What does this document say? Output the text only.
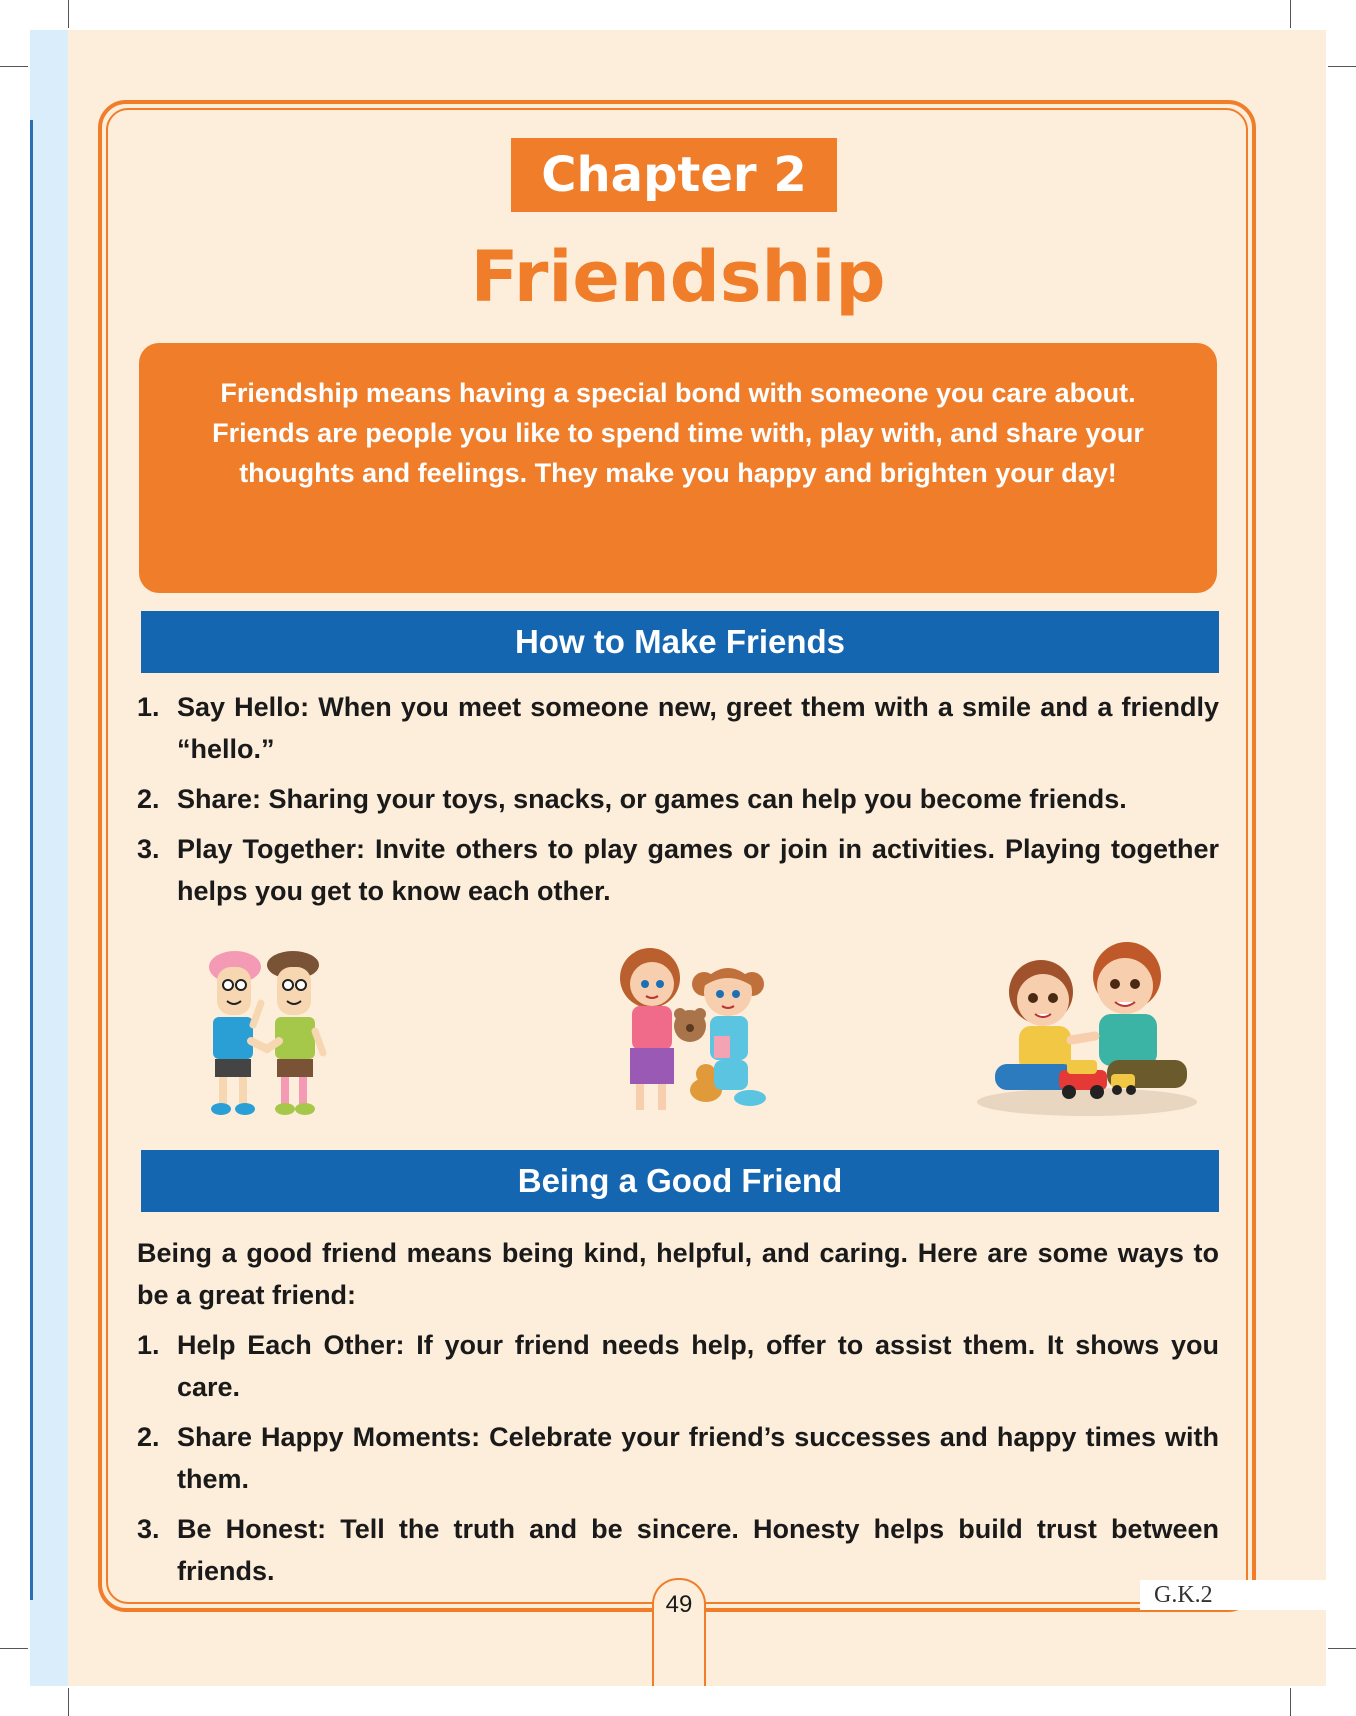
Chapter 2
Friendship

Friendship means having a special bond with someone you care about. Friends are people you like to spend time with, play with, and share your thoughts and feelings. They make you happy and brighten your day!

How to Make Friends
1. Say Hello: When you meet someone new, greet them with a smile and a friendly “hello.”
2. Share: Sharing your toys, snacks, or games can help you become friends.
3. Play Together: Invite others to play games or join in activities. Playing together helps you get to know each other.
Being a Good Friend

Being a good friend means being kind, helpful, and caring. Here are some ways to be a great friend:

1. Help Each Other: If your friend needs help, offer to assist them. It shows you care.
2. Share Happy Moments: Celebrate your friend’s successes and happy times with them.
3. Be Honest: Tell the truth and be sincere. Honesty helps build trust between friends.
49	G.K.2
